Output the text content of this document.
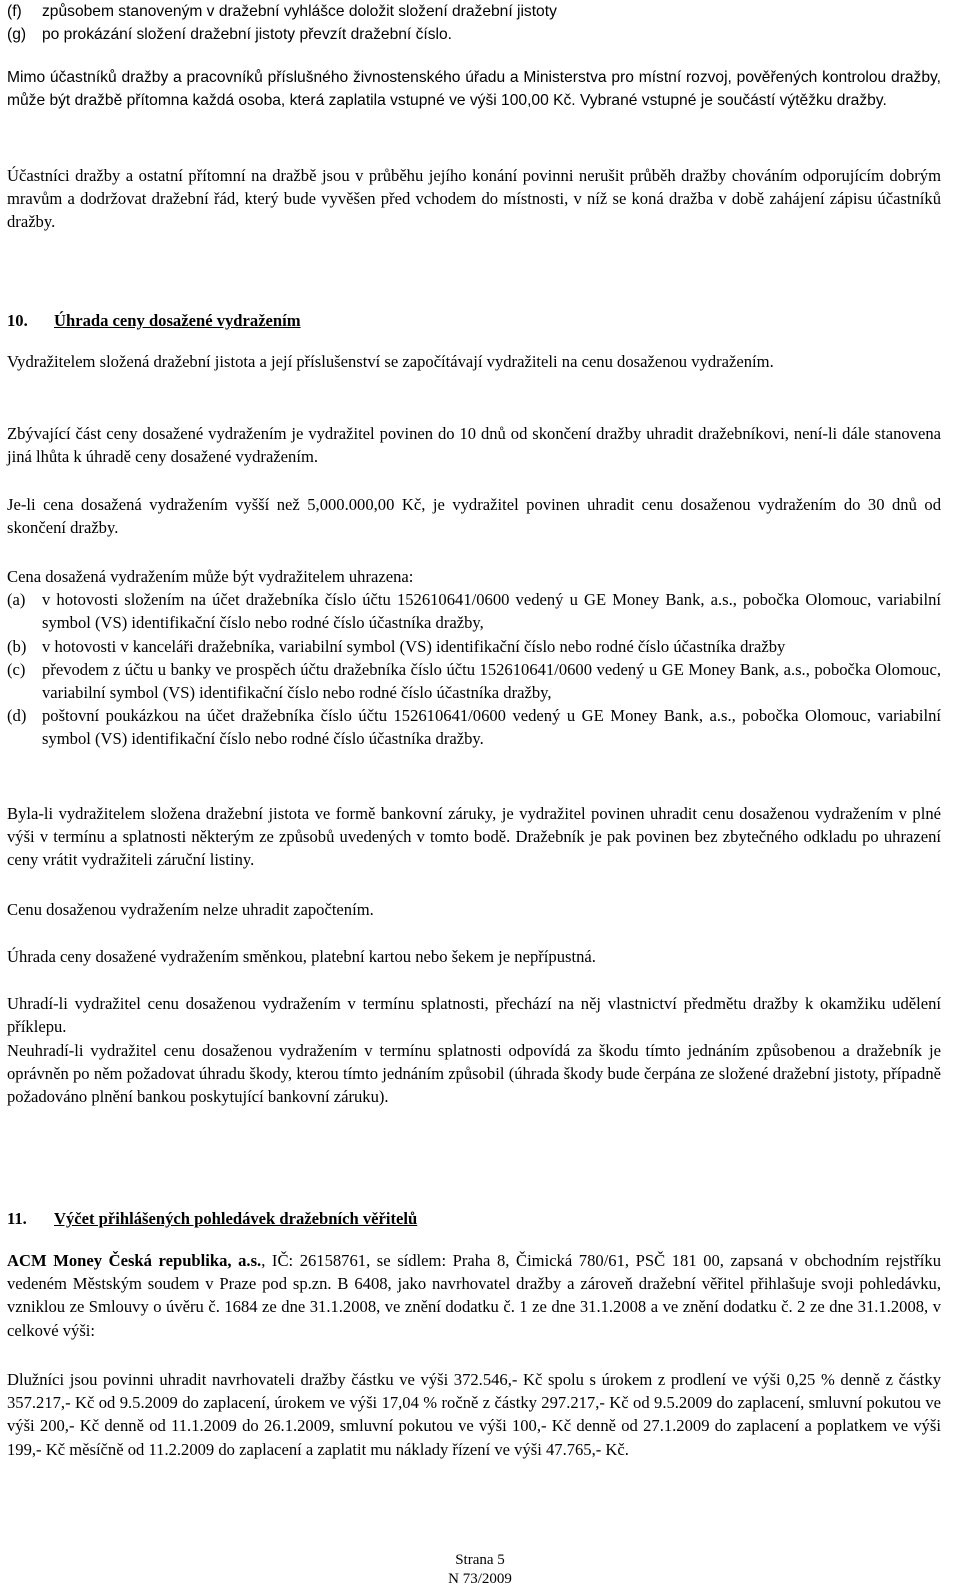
(f)	způsobem stanoveným v dražební vyhlášce doložit složení dražební jistoty
(g)	po prokázání složení dražební jistoty převzít dražební číslo.

Mimo účastníků dražby a pracovníků příslušného živnostenského úřadu a Ministerstva pro místní rozvoj, pověřených kontrolou dražby, může být dražbě přítomna každá osoba, která zaplatila vstupné ve výši 100,00 Kč. Vybrané vstupné je součástí výtěžku dražby.

Účastníci dražby a ostatní přítomní na dražbě jsou v průběhu jejího konání povinni nerušit průběh dražby chováním odporujícím dobrým mravům a dodržovat dražební řád, který bude vyvěšen před vchodem do místnosti, v níž se koná dražba v době zahájení zápisu účastníků dražby.

10. Úhrada ceny dosažené vydražením

Vydražitelem složená dražební jistota a její příslušenství se započítávají vydražiteli na cenu dosaženou vydražením.

Zbývající část ceny dosažené vydražením je vydražitel povinen do 10 dnů od skončení dražby uhradit dražebníkovi, není-li dále stanovena jiná lhůta k úhradě ceny dosažené vydražením.

Je-li cena dosažená vydražením vyšší než 5,000.000,00 Kč, je vydražitel povinen uhradit cenu dosaženou vydražením do 30 dnů od skončení dražby.

Cena dosažená vydražením může být vydražitelem uhrazena:
(a) v hotovosti složením na účet dražebníka číslo účtu 152610641/0600 vedený u GE Money Bank, a.s., pobočka Olomouc, variabilní symbol (VS) identifikační číslo nebo rodné číslo účastníka dražby,
(b) v hotovosti v kanceláři dražebníka, variabilní symbol (VS) identifikační číslo nebo rodné číslo účastníka dražby
(c) převodem z účtu u banky ve prospěch účtu dražebníka číslo účtu 152610641/0600 vedený u GE Money Bank, a.s., pobočka Olomouc, variabilní symbol (VS) identifikační číslo nebo rodné číslo účastníka dražby,
(d) poštovní poukázkou na účet dražebníka číslo účtu 152610641/0600 vedený u GE Money Bank, a.s., pobočka Olomouc, variabilní symbol (VS) identifikační číslo nebo rodné číslo účastníka dražby.

Byla-li vydražitelem složena dražební jistota ve formě bankovní záruky, je vydražitel povinen uhradit cenu dosaženou vydražením v plné výši v termínu a splatnosti některým ze způsobů uvedených v tomto bodě. Dražebník je pak povinen bez zbytečného odkladu po uhrazení ceny vrátit vydražiteli záruční listiny.

Cenu dosaženou vydražením nelze uhradit započtením.

Úhrada ceny dosažené vydražením směnkou, platební kartou nebo šekem je nepřípustná.

Uhradí-li vydražitel cenu dosaženou vydražením v termínu splatnosti, přechází na něj vlastnictví předmětu dražby k okamžiku udělení příklepu.

Neuhradí-li vydražitel cenu dosaženou vydražením v termínu splatnosti odpovídá za škodu tímto jednáním způsobenou a dražebník je oprávněn po něm požadovat úhradu škody, kterou tímto jednáním způsobil (úhrada škody bude čerpána ze složené dražební jistoty, případně požadováno plnění bankou poskytující bankovní záruku).

11. Výčet přihlášených pohledávek dražebních věřitelů

ACM Money Česká republika, a.s., IČ: 26158761, se sídlem: Praha 8, Čimická 780/61, PSČ 181 00, zapsaná v obchodním rejstříku vedeném Městským soudem v Praze pod sp.zn. B 6408, jako navrhovatel dražby a zároveň dražební věřitel přihlašuje svoji pohledávku, vzniklou ze Smlouvy o úvěru č. 1684 ze dne 31.1.2008, ve znění dodatku č. 1 ze dne 31.1.2008 a ve znění dodatku č. 2 ze dne 31.1.2008, v celkové výši:

Dlužníci jsou povinni uhradit navrhovateli dražby částku ve výši 372.546,- Kč spolu s úrokem z prodlení ve výši 0,25 % denně z částky 357.217,- Kč od 9.5.2009 do zaplacení, úrokem ve výši 17,04 % ročně z částky 297.217,- Kč od 9.5.2009 do zaplacení, smluvní pokutou ve výši 200,- Kč denně od 11.1.2009 do 26.1.2009, smluvní pokutou ve výši 100,- Kč denně od 27.1.2009 do zaplacení a poplatkem ve výši 199,- Kč měsíčně od 11.2.2009 do zaplacení a zaplatit mu náklady řízení ve výši 47.765,- Kč.

Strana 5
N 73/2009
